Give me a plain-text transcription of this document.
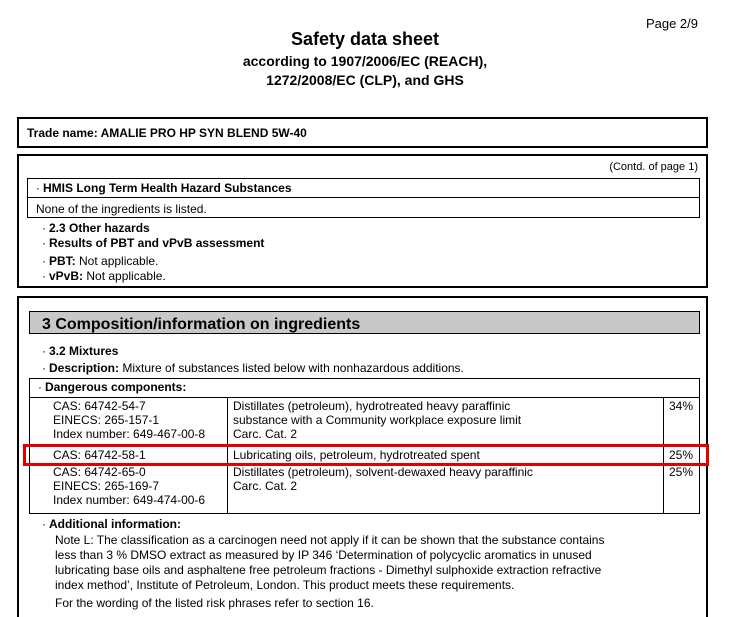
Page 2/9
Safety data sheet
according to 1907/2006/EC (REACH),
1272/2008/EC (CLP), and GHS
Trade name: AMALIE PRO HP SYN BLEND 5W-40
(Contd. of page 1)
· HMIS Long Term Health Hazard Substances
None of the ingredients is listed.
· 2.3 Other hazards
· Results of PBT and vPvB assessment
· PBT: Not applicable.
· vPvB: Not applicable.
3 Composition/information on ingredients
· 3.2 Mixtures
· Description: Mixture of substances listed below with nonhazardous additions.
· Dangerous components:
CAS: 64742-54-7
EINECS: 265-157-1
Index number: 649-467-00-8
Distillates (petroleum), hydrotreated heavy paraffinic
substance with a Community workplace exposure limit
Carc. Cat. 2
34%
CAS: 64742-58-1	Lubricating oils, petroleum, hydrotreated spent	25%
CAS: 64742-65-0
EINECS: 265-169-7
Index number: 649-474-00-6
Distillates (petroleum), solvent-dewaxed heavy paraffinic
Carc. Cat. 2
25%
· Additional information:
Note L: The classification as a carcinogen need not apply if it can be shown that the substance contains
less than 3 % DMSO extract as measured by IP 346 ‘Determination of polycyclic aromatics in unused
lubricating base oils and asphaltene free petroleum fractions - Dimethyl sulphoxide extraction refractive
index method’, Institute of Petroleum, London. This product meets these requirements.
For the wording of the listed risk phrases refer to section 16.
